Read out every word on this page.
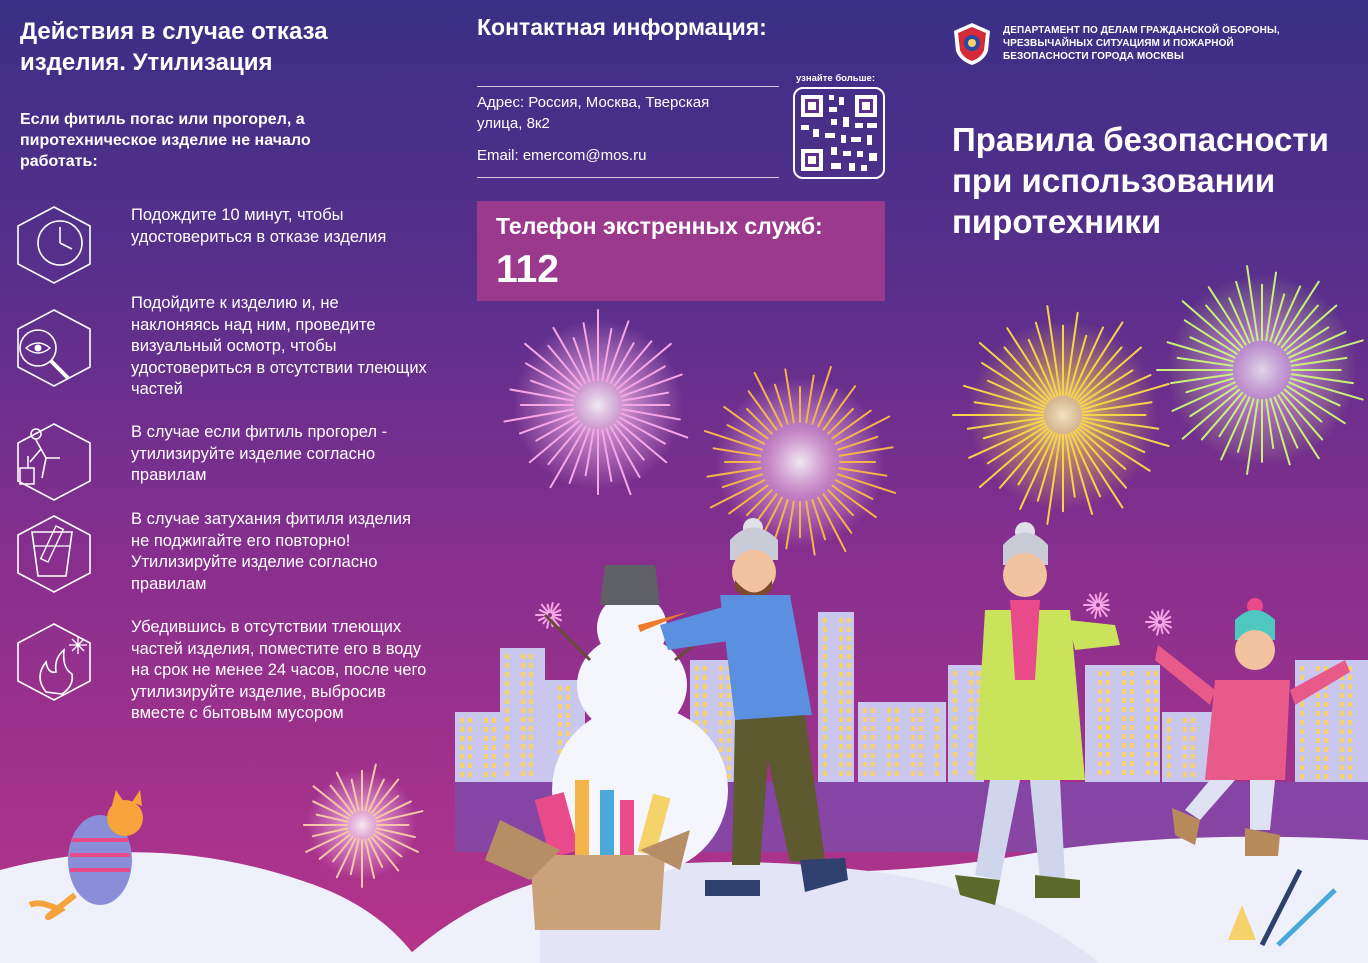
Действия в случае отказа изделия. Утилизация
Если фитиль погас или прогорел, а пиротехническое изделие не начало работать:
Подождите 10 минут, чтобы удостовериться в отказе изделия
Подойдите к изделию и, не наклоняясь над ним, проведите визуальный осмотр, чтобы удостовериться в отсутствии тлеющих частей
В случае если фитиль прогорел - утилизируйте изделие согласно правилам
В случае затухания фитиля изделия не поджигайте его повторно! Утилизируйте изделие согласно правилам
Убедившись в отсутствии тлеющих частей изделия, поместите его в воду на срок не менее 24 часов, после чего утилизируйте изделие, выбросив вместе с бытовым мусором
Контактная информация:
Адрес: Россия, Москва, Тверская улица, 8к2
Email: emercom@mos.ru
узнайте больше:
Телефон экстренных служб:
112
ДЕПАРТАМЕНТ ПО ДЕЛАМ ГРАЖДАНСКОЙ ОБОРОНЫ, ЧРЕЗВЫЧАЙНЫХ СИТУАЦИЯМ И ПОЖАРНОЙ БЕЗОПАСНОСТИ ГОРОДА МОСКВЫ
Правила безопасности при использовании пиротехники
